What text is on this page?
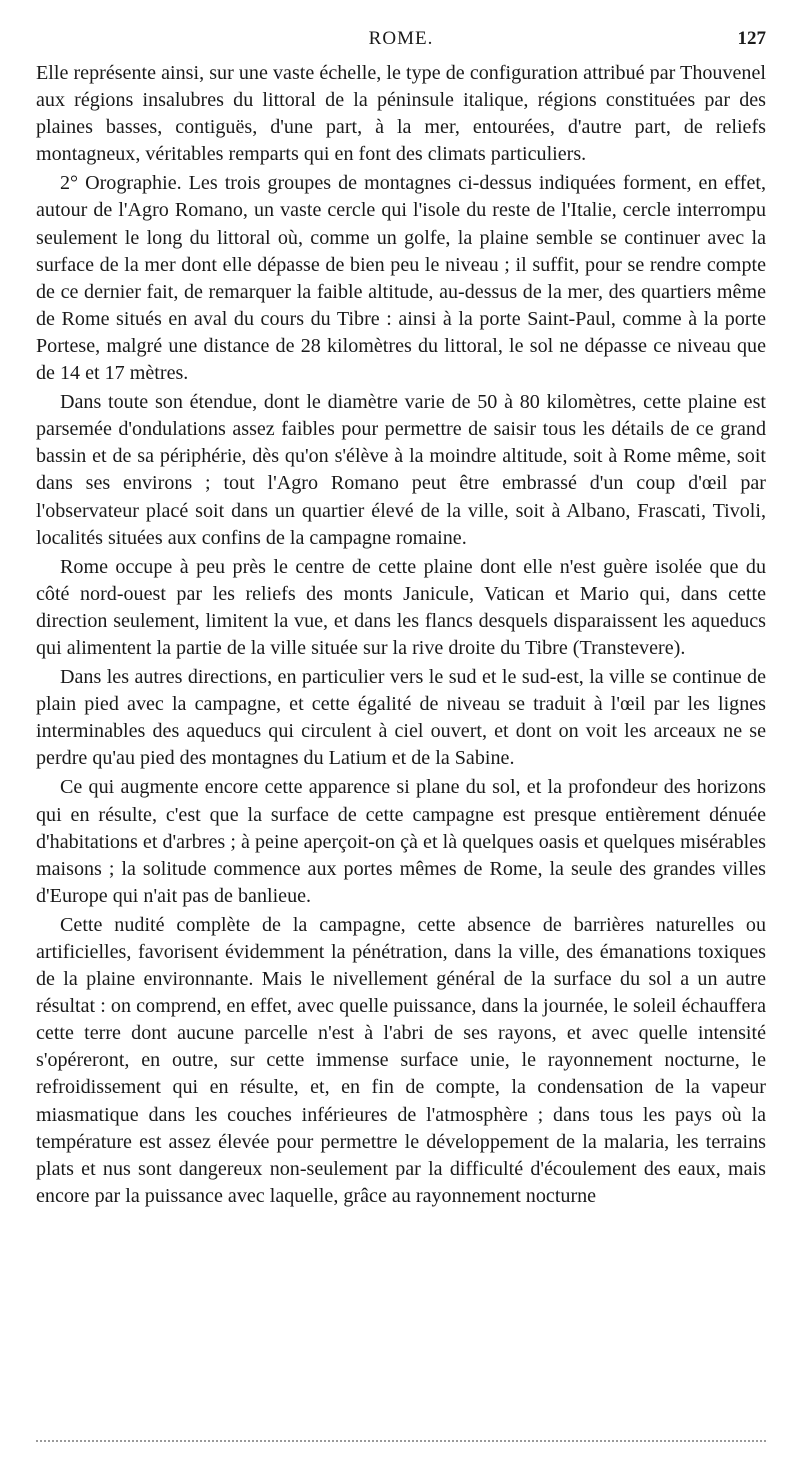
ROME.	127

Elle représente ainsi, sur une vaste échelle, le type de configuration attribué par Thouvenel aux régions insalubres du littoral de la péninsule italique, régions constituées par des plaines basses, contiguës, d'une part, à la mer, entourées, d'autre part, de reliefs montagneux, véritables remparts qui en font des climats particuliers.

2° Orographie. Les trois groupes de montagnes ci-dessus indiquées forment, en effet, autour de l'Agro Romano, un vaste cercle qui l'isole du reste de l'Italie, cercle interrompu seulement le long du littoral où, comme un golfe, la plaine semble se continuer avec la surface de la mer dont elle dépasse de bien peu le niveau ; il suffit, pour se rendre compte de ce dernier fait, de remarquer la faible altitude, au-dessus de la mer, des quartiers même de Rome situés en aval du cours du Tibre : ainsi à la porte Saint-Paul, comme à la porte Portese, malgré une distance de 28 kilomètres du littoral, le sol ne dépasse ce niveau que de 14 et 17 mètres.

Dans toute son étendue, dont le diamètre varie de 50 à 80 kilomètres, cette plaine est parsemée d'ondulations assez faibles pour permettre de saisir tous les détails de ce grand bassin et de sa périphérie, dès qu'on s'élève à la moindre altitude, soit à Rome même, soit dans ses environs ; tout l'Agro Romano peut être embrassé d'un coup d'œil par l'observateur placé soit dans un quartier élevé de la ville, soit à Albano, Frascati, Tivoli, localités situées aux confins de la campagne romaine.

Rome occupe à peu près le centre de cette plaine dont elle n'est guère isolée que du côté nord-ouest par les reliefs des monts Janicule, Vatican et Mario qui, dans cette direction seulement, limitent la vue, et dans les flancs desquels disparaissent les aqueducs qui alimentent la partie de la ville située sur la rive droite du Tibre (Transtevere).

Dans les autres directions, en particulier vers le sud et le sud-est, la ville se continue de plain pied avec la campagne, et cette égalité de niveau se traduit à l'œil par les lignes interminables des aqueducs qui circulent à ciel ouvert, et dont on voit les arceaux ne se perdre qu'au pied des montagnes du Latium et de la Sabine.

Ce qui augmente encore cette apparence si plane du sol, et la profondeur des horizons qui en résulte, c'est que la surface de cette campagne est presque entièrement dénuée d'habitations et d'arbres ; à peine aperçoit-on çà et là quelques oasis et quelques misérables maisons ; la solitude commence aux portes mêmes de Rome, la seule des grandes villes d'Europe qui n'ait pas de banlieue.

Cette nudité complète de la campagne, cette absence de barrières naturelles ou artificielles, favorisent évidemment la pénétration, dans la ville, des émanations toxiques de la plaine environnante. Mais le nivellement général de la surface du sol a un autre résultat : on comprend, en effet, avec quelle puissance, dans la journée, le soleil échauffera cette terre dont aucune parcelle n'est à l'abri de ses rayons, et avec quelle intensité s'opéreront, en outre, sur cette immense surface unie, le rayonnement nocturne, le refroidissement qui en résulte, et, en fin de compte, la condensation de la vapeur miasmatique dans les couches inférieures de l'atmosphère ; dans tous les pays où la température est assez élevée pour permettre le développement de la malaria, les terrains plats et nus sont dangereux non-seulement par la difficulté d'écoulement des eaux, mais encore par la puissance avec laquelle, grâce au rayonnement nocturne
